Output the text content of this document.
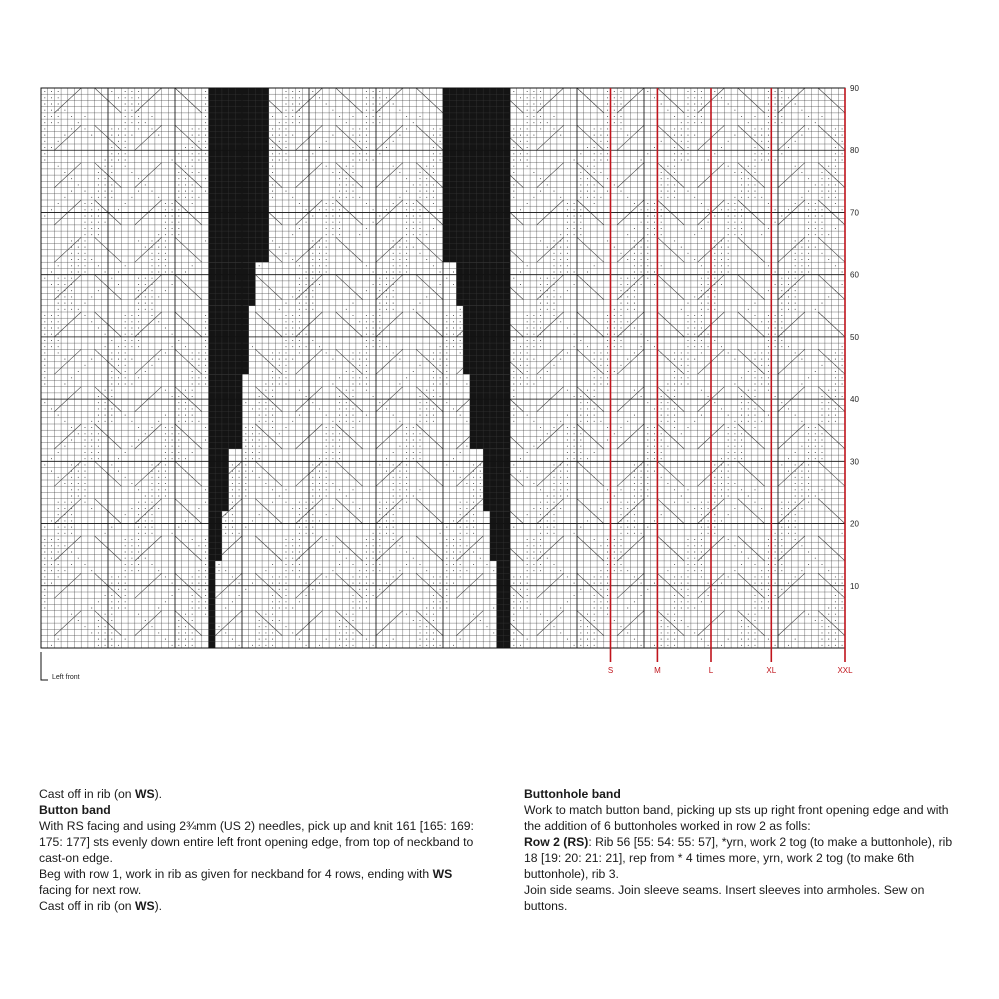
10
20
30
40
50
60
70
80
90
S	M	L	XL	XXL
Left front

Cast off in rib (on WS).

Button band

With RS facing and using 2¾mm (US 2) needles, pick up and knit 161 [165: 169: 175: 177] sts evenly down entire left front opening edge, from top of neckband to cast-on edge.

Beg with row 1, work in rib as given for neckband for 4 rows, ending with WS facing for next row.

Cast off in rib (on WS).

Buttonhole band

Work to match button band, picking up sts up right front opening edge and with the addition of 6 buttonholes worked in row 2 as folls:

Row 2 (RS): Rib 56 [55: 54: 55: 57], *yrn, work 2 tog (to make a buttonhole), rib 18 [19: 20: 21: 21], rep from * 4 times more, yrn, work 2 tog (to make 6th buttonhole), rib 3.

Join side seams. Join sleeve seams. Insert sleeves into armholes. Sew on buttons.
